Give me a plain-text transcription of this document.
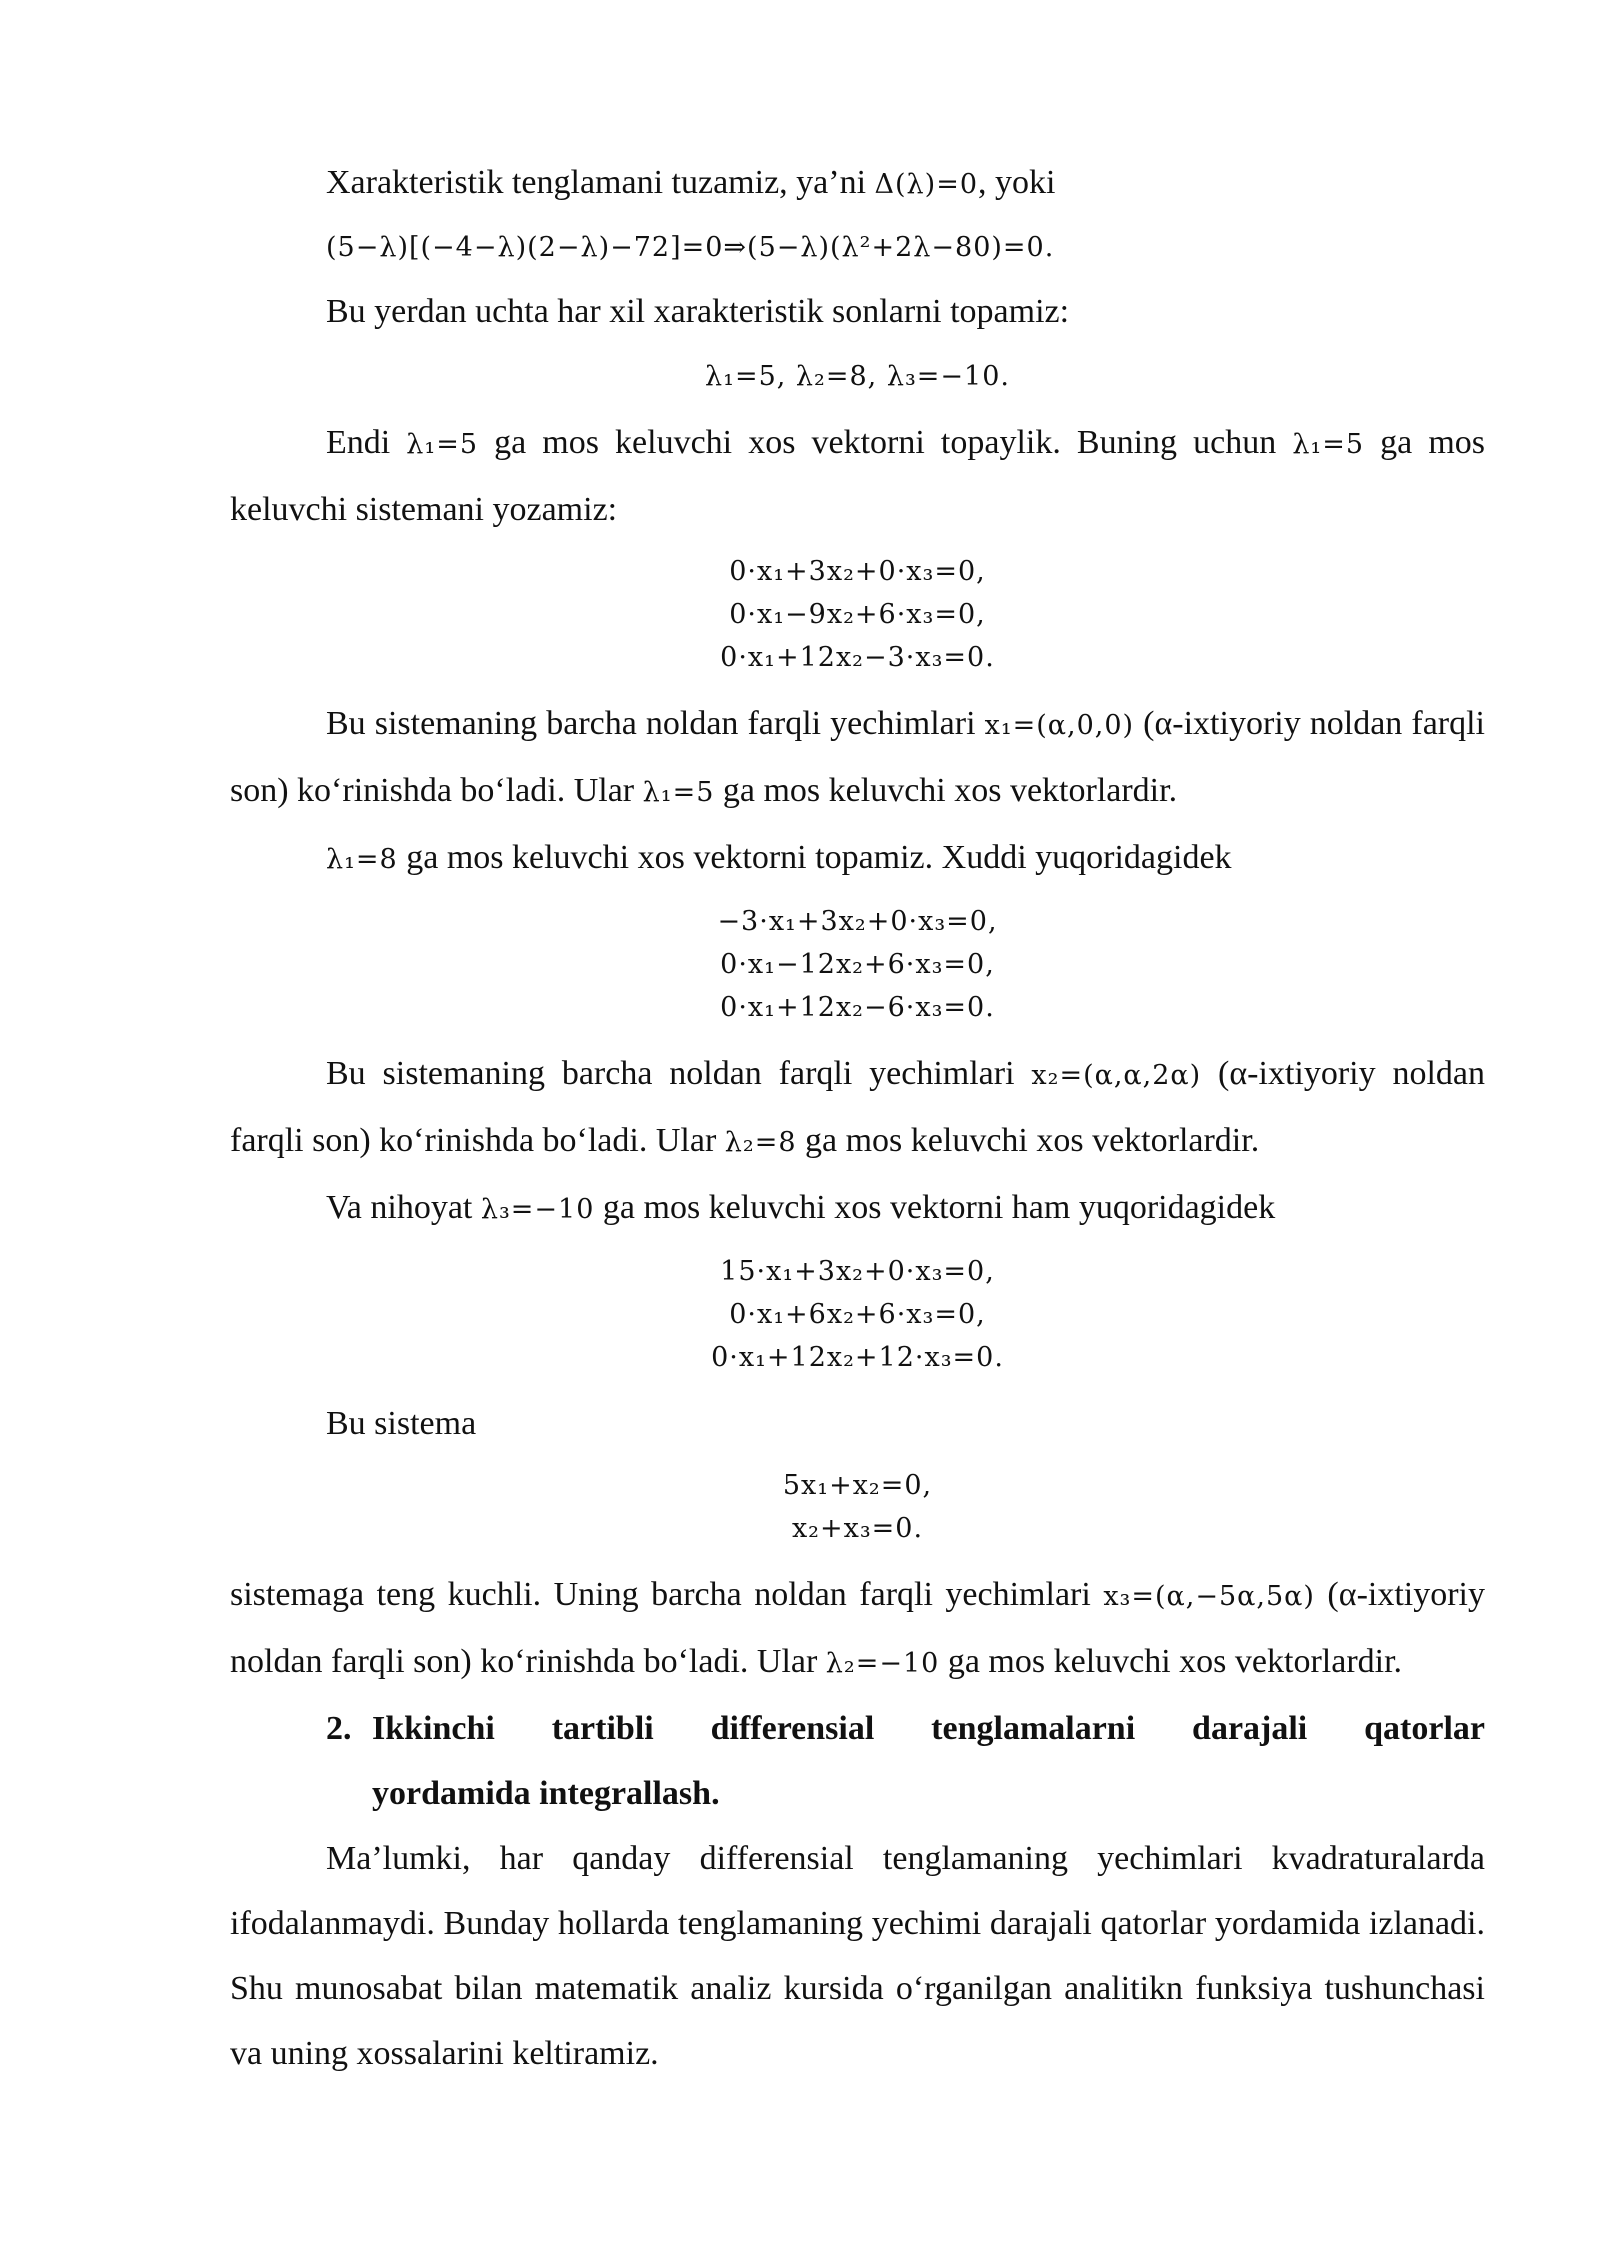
Xarakteristik tenglamani tuzamiz, ya’ni Δ(λ)=0, yoki

(5−λ)[(−4−λ)(2−λ)−72]=0⇒(5−λ)(λ²+2λ−80)=0.

Bu yerdan uchta har xil xarakteristik sonlarni topamiz:

λ₁=5, λ₂=8, λ₃=−10.

Endi λ₁=5 ga mos keluvchi xos vektorni topaylik. Buning uchun λ₁=5 ga mos keluvchi sistemani yozamiz:

0·x₁+3x₂+0·x₃=0,
0·x₁−9x₂+6·x₃=0,
0·x₁+12x₂−3·x₃=0.

Bu sistemaning barcha noldan farqli yechimlari x₁=(α,0,0) (α-ixtiyoriy noldan farqli son) ko‘rinishda bo‘ladi. Ular λ₁=5 ga mos keluvchi xos vektorlardir.

λ₁=8 ga mos keluvchi xos vektorni topamiz. Xuddi yuqoridagidek

−3·x₁+3x₂+0·x₃=0,
0·x₁−12x₂+6·x₃=0,
0·x₁+12x₂−6·x₃=0.

Bu sistemaning barcha noldan farqli yechimlari x₂=(α,α,2α) (α-ixtiyoriy noldan farqli son) ko‘rinishda bo‘ladi. Ular λ₂=8 ga mos keluvchi xos vektorlardir.

Va nihoyat λ₃=−10 ga mos keluvchi xos vektorni ham yuqoridagidek

15·x₁+3x₂+0·x₃=0,
0·x₁+6x₂+6·x₃=0,
0·x₁+12x₂+12·x₃=0.

Bu sistema

5x₁+x₂=0,
x₂+x₃=0.

sistemaga teng kuchli. Uning barcha noldan farqli yechimlari x₃=(α,−5α,5α) (α-ixtiyoriy noldan farqli son) ko‘rinishda bo‘ladi. Ular λ₂=−10 ga mos keluvchi xos vektorlardir.

2. Ikkinchi tartibli differensial tenglamalarni darajali qatorlar
yordamida integrallash.

Ma’lumki, har qanday differensial tenglamaning yechimlari kvadraturalarda ifodalanmaydi. Bunday hollarda tenglamaning yechimi darajali qatorlar yordamida izlanadi. Shu munosabat bilan matematik analiz kursida o‘rganilgan analitikn funksiya tushunchasi va uning xossalarini keltiramiz.
